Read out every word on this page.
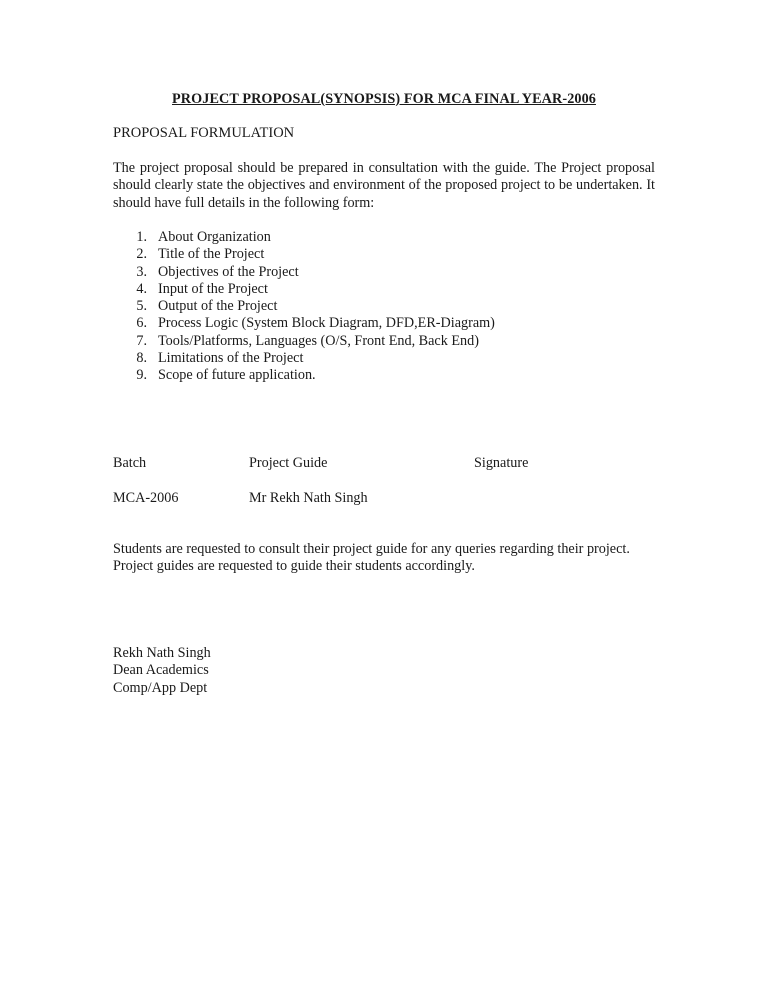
PROJECT PROPOSAL(SYNOPSIS) FOR MCA FINAL YEAR-2006
PROPOSAL FORMULATION

The project proposal should be prepared in consultation with the guide. The Project proposal should clearly state the objectives and environment of the proposed project to be undertaken. It should have full details in the following form:

1. About Organization
2. Title of the Project
3. Objectives of the Project
4. Input of the Project
5. Output of the Project
6. Process Logic (System Block Diagram, DFD,ER-Diagram)
7. Tools/Platforms, Languages (O/S, Front End, Back End)
8. Limitations of the Project
9. Scope of future application.
Batch	Project Guide	Signature
MCA-2006	Mr Rekh Nath Singh

Students are requested to consult their project guide for any queries regarding their project. Project guides are requested to guide their students accordingly.

Rekh Nath Singh
Dean Academics
Comp/App Dept
